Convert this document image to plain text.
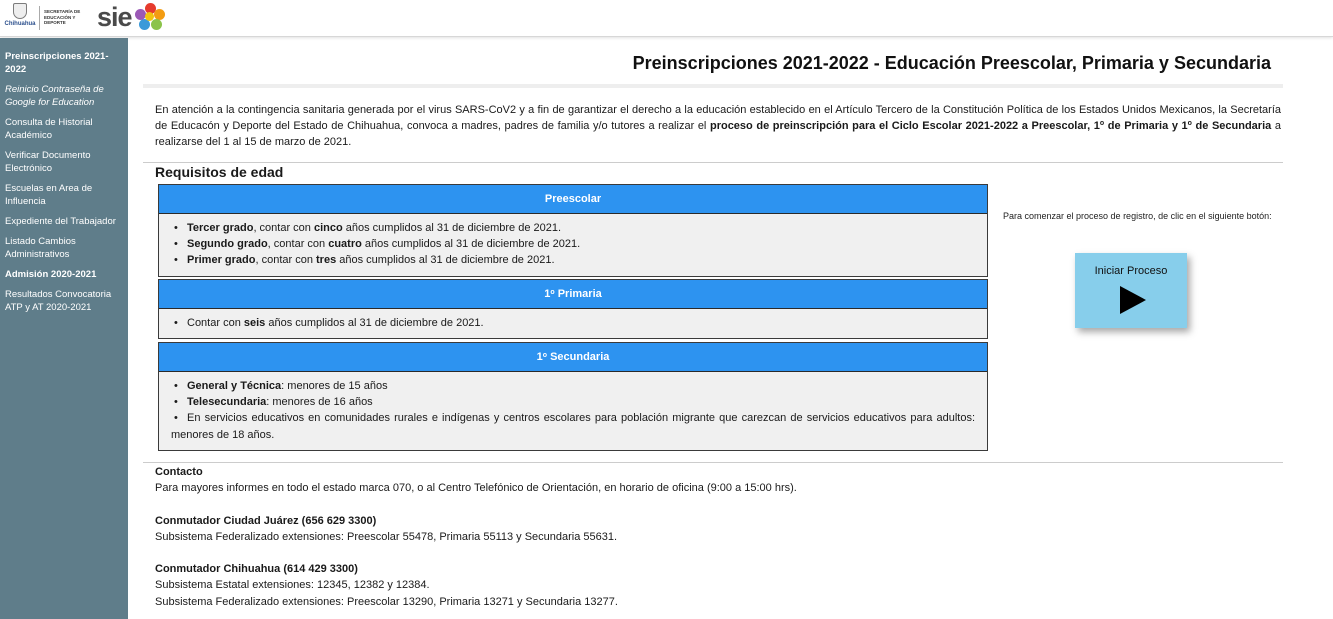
Chihuahua
SECRETARÍA DE EDUCACIÓN Y DEPORTE	sie
Preinscripciones 2021-2022
Reinicio Contraseña de Google for Education
Consulta de Historial Académico
Verificar Documento Electrónico
Escuelas en Area de Influencia
Expediente del Trabajador
Listado Cambios Administrativos
Admisión 2020-2021
Resultados Convocatoria ATP y AT 2020-2021
Preinscripciones 2021-2022 - Educación Preescolar, Primaria y Secundaria

En atención a la contingencia sanitaria generada por el virus SARS-CoV2 y a fin de garantizar el derecho a la educación establecido en el Artículo Tercero de la Constitución Política de los Estados Unidos Mexicanos, la Secretaría de Educacón y Deporte del Estado de Chihuahua, convoca a madres, padres de familia y/o tutores a realizar el proceso de preinscripción para el Ciclo Escolar 2021-2022 a Preescolar, 1$^o$ de Primaria y 1$^o$ de Secundaria a realizarse del 1 al 15 de marzo de 2021.

Requisitos de edad
Preescolar
• Tercer grado, contar con cinco años cumplidos al 31 de diciembre de 2021.
• Segundo grado, contar con cuatro años cumplidos al 31 de diciembre de 2021.
• Primer grado, contar con tres años cumplidos al 31 de diciembre de 2021.
1$^o$ Primaria
• Contar con seis años cumplidos al 31 de diciembre de 2021.
1$^o$ Secundaria
• General y Técnica: menores de 15 años
• Telesecundaria: menores de 16 años
• En servicios educativos en comunidades rurales e indígenas y centros escolares para población migrante que carezcan de servicios educativos para adultos: menores de 18 años.

Para comenzar el proceso de registro, de clic en el siguiente botón:

Iniciar Proceso
Contacto
Para mayores informes en todo el estado marca 070, o al Centro Telefónico de Orientación, en horario de oficina (9:00 a 15:00 hrs).
Conmutador Ciudad Juárez (656 629 3300)
Subsistema Federalizado extensiones: Preescolar 55478, Primaria 55113 y Secundaria 55631.
Conmutador Chihuahua (614 429 3300)
Subsistema Estatal extensiones: 12345, 12382 y 12384.
Subsistema Federalizado extensiones: Preescolar 13290, Primaria 13271 y Secundaria 13277.
